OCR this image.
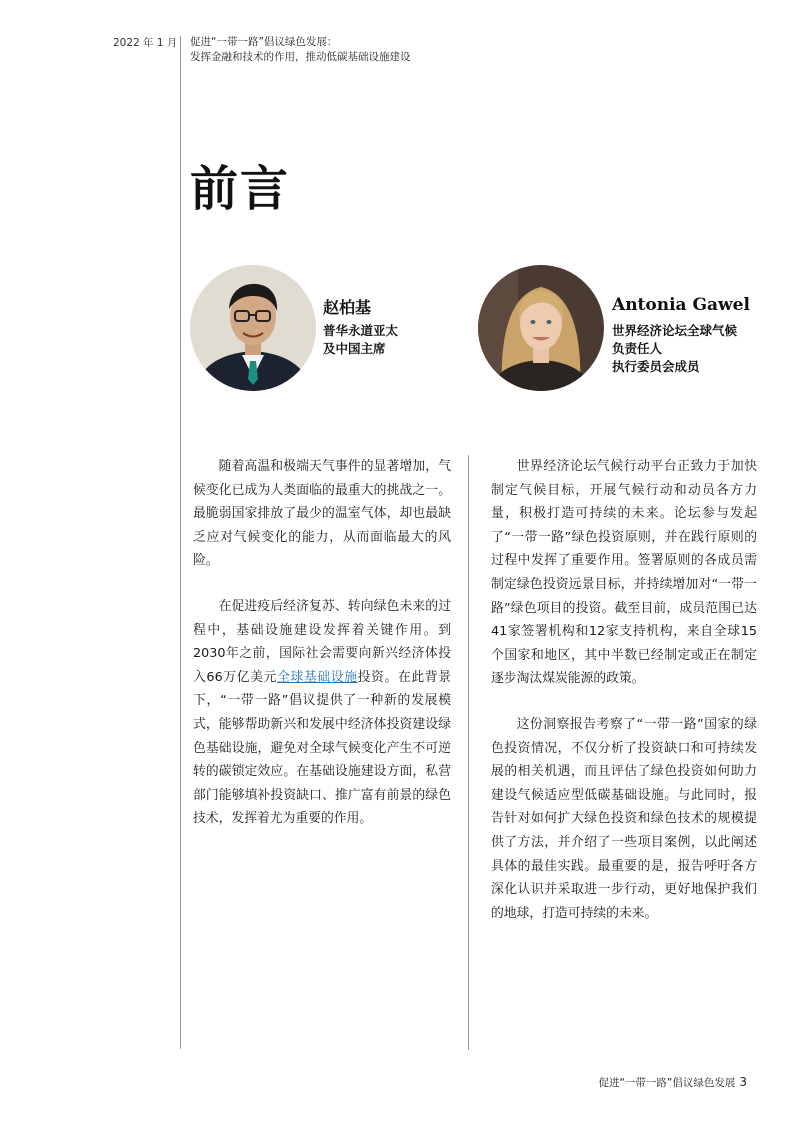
2022 年 1 月 促进“一带一路”倡议绿色发展：
发挥金融和技术的作用，推动低碳基础设施建设
前言
赵柏基
普华永道亚太
及中国主席
Antonia Gawel
世界经济论坛全球气候
负责任人
执行委员会成员

随着高温和极端天气事件的显著增加，气候变化已成为人类面临的最重大的挑战之一。最脆弱国家排放了最少的温室气体，却也最缺乏应对气候变化的能力，从而面临最大的风险。

在促进疫后经济复苏、转向绿色未来的过程中，基础设施建设发挥着关键作用。到2030年之前，国际社会需要向新兴经济体投入66万亿美元全球基础设施投资。在此背景下，“一带一路”倡议提供了一种新的发展模式，能够帮助新兴和发展中经济体投资建设绿色基础设施，避免对全球气候变化产生不可逆转的碳锁定效应。在基础设施建设方面，私营部门能够填补投资缺口、推广富有前景的绿色技术，发挥着尤为重要的作用。

世界经济论坛气候行动平台正致力于加快制定气候目标，开展气候行动和动员各方力量，积极打造可持续的未来。论坛参与发起了“一带一路”绿色投资原则，并在践行原则的过程中发挥了重要作用。签署原则的各成员需制定绿色投资远景目标，并持续增加对“一带一路”绿色项目的投资。截至目前，成员范围已达41家签署机构和12家支持机构，来自全球15个国家和地区，其中半数已经制定或正在制定逐步淘汰煤炭能源的政策。

这份洞察报告考察了“一带一路”国家的绿色投资情况，不仅分析了投资缺口和可持续发展的相关机遇，而且评估了绿色投资如何助力建设气候适应型低碳基础设施。与此同时，报告针对如何扩大绿色投资和绿色技术的规模提供了方法，并介绍了一些项目案例，以此阐述具体的最佳实践。最重要的是，报告呼吁各方深化认识并采取进一步行动，更好地保护我们的地球，打造可持续的未来。

促进“一带一路”倡议绿色发展 3
